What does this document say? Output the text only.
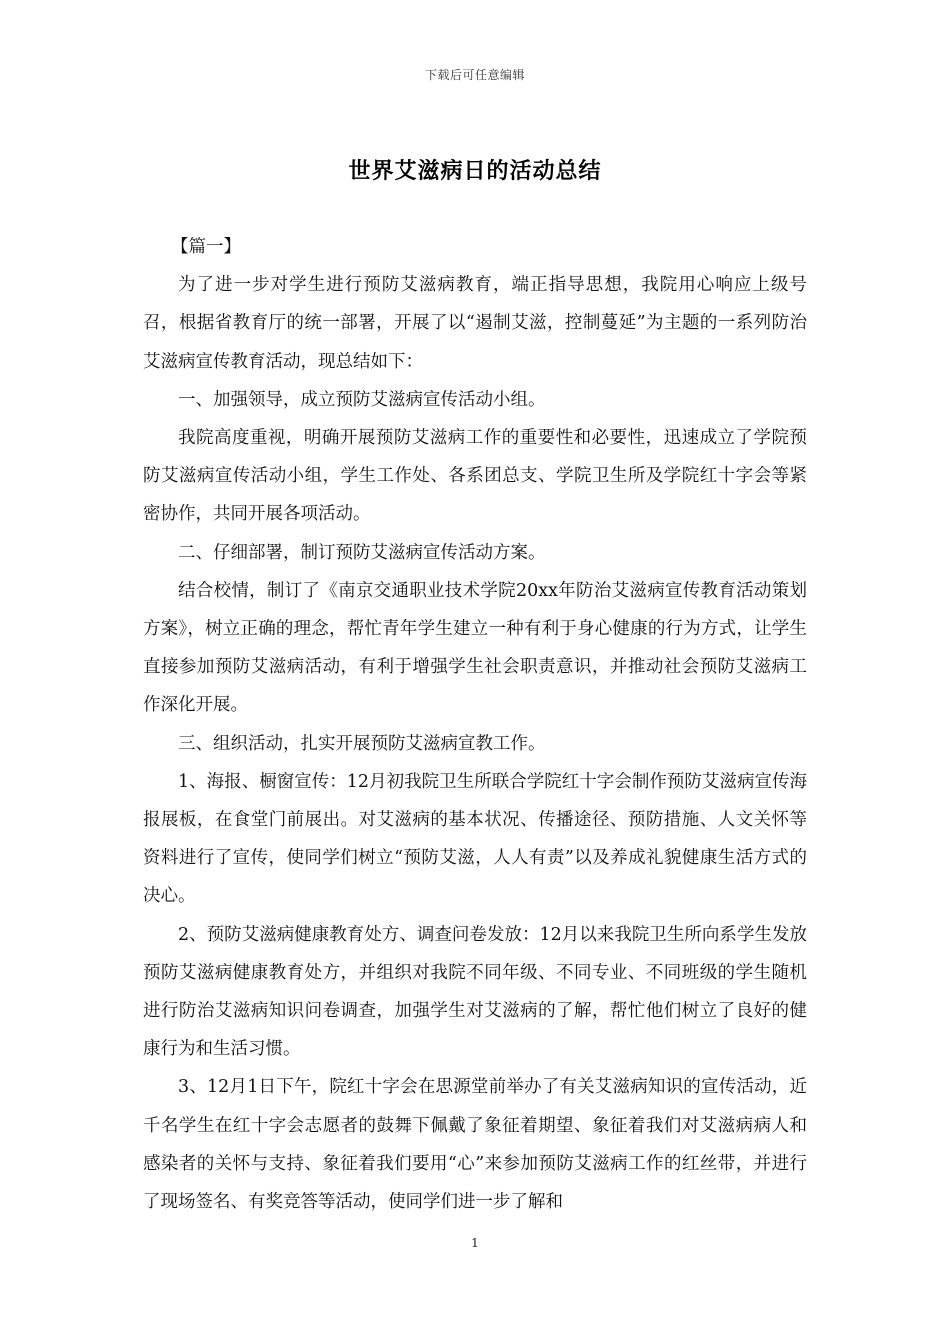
下载后可任意编辑
世界艾滋病日的活动总结

【篇一】

为了进一步对学生进行预防艾滋病教育，端正指导思想，我院用心响应上级号召，根据省教育厅的统一部署，开展了以“遏制艾滋，控制蔓延”为主题的一系列防治艾滋病宣传教育活动，现总结如下：

一、加强领导，成立预防艾滋病宣传活动小组。

我院高度重视，明确开展预防艾滋病工作的重要性和必要性，迅速成立了学院预防艾滋病宣传活动小组，学生工作处、各系团总支、学院卫生所及学院红十字会等紧密协作，共同开展各项活动。

二、仔细部署，制订预防艾滋病宣传活动方案。

结合校情，制订了《南京交通职业技术学院20xx年防治艾滋病宣传教育活动策划方案》，树立正确的理念，帮忙青年学生建立一种有利于身心健康的行为方式，让学生直接参加预防艾滋病活动，有利于增强学生社会职责意识，并推动社会预防艾滋病工作深化开展。

三、组织活动，扎实开展预防艾滋病宣教工作。

1、海报、橱窗宣传：12月初我院卫生所联合学院红十字会制作预防艾滋病宣传海报展板，在食堂门前展出。对艾滋病的基本状况、传播途径、预防措施、人文关怀等资料进行了宣传，使同学们树立“预防艾滋，人人有责”以及养成礼貌健康生活方式的决心。

2、预防艾滋病健康教育处方、调查问卷发放：12月以来我院卫生所向系学生发放预防艾滋病健康教育处方，并组织对我院不同年级、不同专业、不同班级的学生随机进行防治艾滋病知识问卷调查，加强学生对艾滋病的了解，帮忙他们树立了良好的健康行为和生活习惯。

3、12月1日下午，院红十字会在思源堂前举办了有关艾滋病知识的宣传活动，近千名学生在红十字会志愿者的鼓舞下佩戴了象征着期望、象征着我们对艾滋病病人和感染者的关怀与支持、象征着我们要用“心”来参加预防艾滋病工作的红丝带，并进行了现场签名、有奖竞答等活动，使同学们进一步了解和

1
